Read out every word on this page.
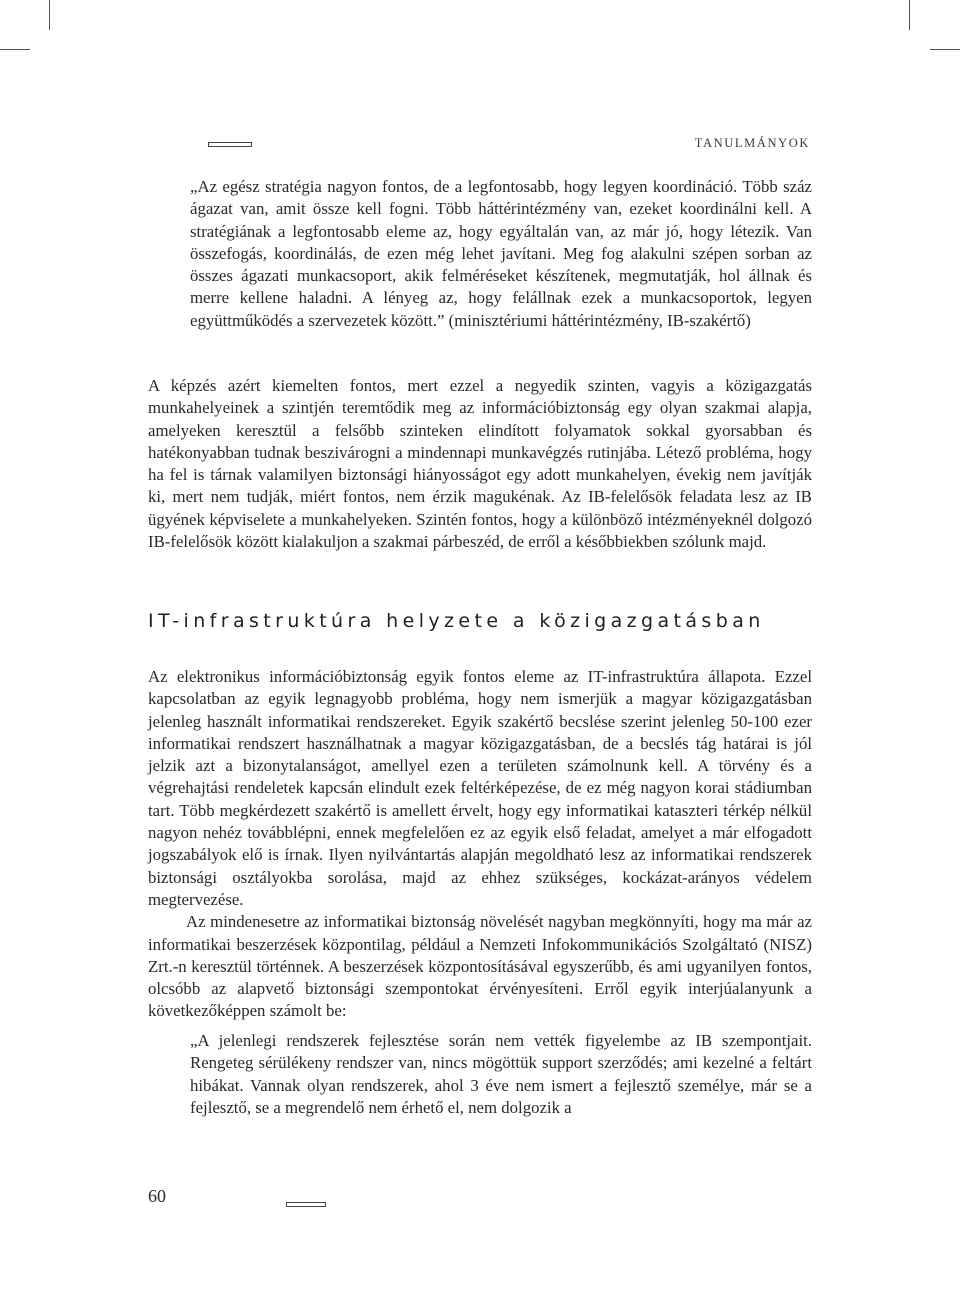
TANULMÁNYOK
„Az egész stratégia nagyon fontos, de a legfontosabb, hogy legyen koordináció. Több száz ágazat van, amit össze kell fogni. Több háttérintézmény van, ezeket koordinálni kell. A stratégiának a legfontosabb eleme az, hogy egyáltalán van, az már jó, hogy létezik. Van összefogás, koordinálás, de ezen még lehet javítani. Meg fog alakulni szépen sorban az összes ágazati munkacsoport, akik felméréseket készítenek, megmutatják, hol állnak és merre kellene haladni. A lényeg az, hogy felállnak ezek a munkacsoportok, legyen együttműködés a szervezetek között.” (minisztériumi háttérintézmény, IB-szakértő)

A képzés azért kiemelten fontos, mert ezzel a negyedik szinten, vagyis a közigazgatás munkahelyeinek a szintjén teremtődik meg az információbiztonság egy olyan szakmai alapja, amelyeken keresztül a felsőbb szinteken elindított folyamatok sokkal gyorsabban és hatékonyabban tudnak beszivárogni a mindennapi munkavégzés rutinjába. Létező probléma, hogy ha fel is tárnak valamilyen biztonsági hiányosságot egy adott munkahelyen, évekig nem javítják ki, mert nem tudják, miért fontos, nem érzik magukénak. Az IB-felelősök feladata lesz az IB ügyének képviselete a munkahelyeken. Szintén fontos, hogy a különböző intézményeknél dolgozó IB-felelősök között kialakuljon a szakmai párbeszéd, de erről a későbbiekben szólunk majd.

IT-infrastruktúra helyzete a közigazgatásban

Az elektronikus információbiztonság egyik fontos eleme az IT-infrastruktúra állapota. Ezzel kapcsolatban az egyik legnagyobb probléma, hogy nem ismerjük a magyar közigazgatásban jelenleg használt informatikai rendszereket. Egyik szakértő becslése szerint jelenleg 50-100 ezer informatikai rendszert használhatnak a magyar közigazgatásban, de a becslés tág határai is jól jelzik azt a bizonytalanságot, amellyel ezen a területen számolnunk kell. A törvény és a végrehajtási rendeletek kapcsán elindult ezek feltérképezése, de ez még nagyon korai stádiumban tart. Több megkérdezett szakértő is amellett érvelt, hogy egy informatikai kataszteri térkép nélkül nagyon nehéz továbblépni, ennek megfelelően ez az egyik első feladat, amelyet a már elfogadott jogszabályok elő is írnak. Ilyen nyilvántartás alapján megoldható lesz az informatikai rendszerek biztonsági osztályokba sorolása, majd az ehhez szükséges, kockázat-arányos védelem megtervezése.

Az mindenesetre az informatikai biztonság növelését nagyban megkönnyíti, hogy ma már az informatikai beszerzések központilag, például a Nemzeti Infokommunikációs Szolgáltató (NISZ) Zrt.-n keresztül történnek. A beszerzések központosításával egyszerűbb, és ami ugyanilyen fontos, olcsóbb az alapvető biztonsági szempontokat érvényesíteni. Erről egyik interjúalanyunk a következőképpen számolt be:

„A jelenlegi rendszerek fejlesztése során nem vették figyelembe az IB szempontjait. Rengeteg sérülékeny rendszer van, nincs mögöttük support szerződés; ami kezelné a feltárt hibákat. Vannak olyan rendszerek, ahol 3 éve nem ismert a fejlesztő személye, már se a fejlesztő, se a megrendelő nem érhető el, nem dolgozik a
60
